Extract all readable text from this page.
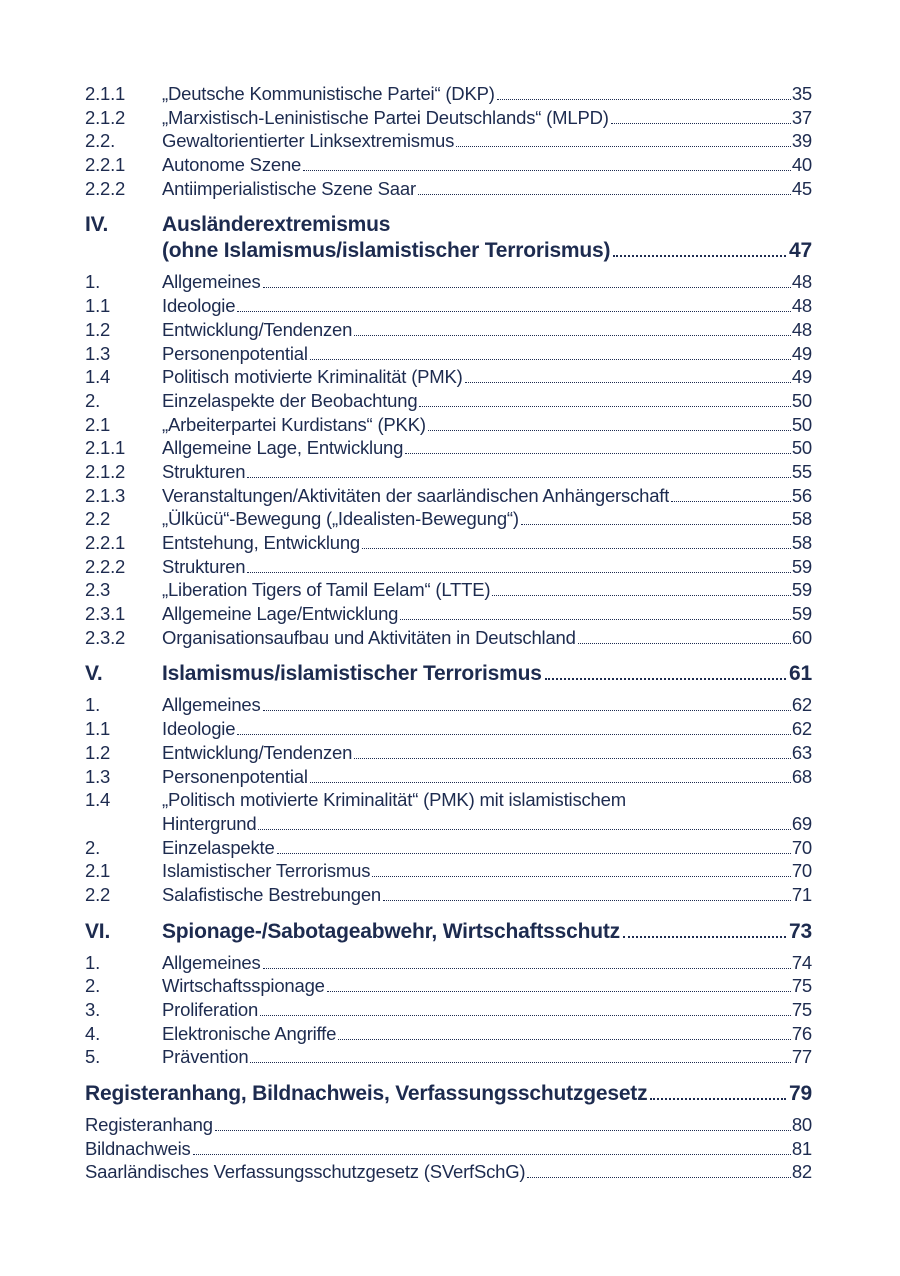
2.1.1	„Deutsche Kommunistische Partei“ (DKP)	35
2.1.2	„Marxistisch-Leninistische Partei Deutschlands“ (MLPD)	37
2.2.	Gewaltorientierter Linksextremismus	39
2.2.1	Autonome Szene	40
2.2.2	Antiimperialistische Szene Saar	45
IV.	Ausländerextremismus
(ohne Islamismus/islamistischer Terrorismus)	47
1.	Allgemeines	48
1.1	Ideologie	48
1.2	Entwicklung/Tendenzen	48
1.3	Personenpotential	49
1.4	Politisch motivierte Kriminalität (PMK)	49
2.	Einzelaspekte der Beobachtung	50
2.1	„Arbeiterpartei Kurdistans“ (PKK)	50
2.1.1	Allgemeine Lage, Entwicklung	50
2.1.2	Strukturen	55
2.1.3	Veranstaltungen/Aktivitäten der saarländischen Anhängerschaft	56
2.2	„Ülkücü“-Bewegung („Idealisten-Bewegung“)	58
2.2.1	Entstehung, Entwicklung	58
2.2.2	Strukturen	59
2.3	„Liberation Tigers of Tamil Eelam“ (LTTE)	59
2.3.1	Allgemeine Lage/Entwicklung	59
2.3.2	Organisationsaufbau und Aktivitäten in Deutschland	60
V.	Islamismus/islamistischer Terrorismus	61
1.	Allgemeines	62
1.1	Ideologie	62
1.2	Entwicklung/Tendenzen	63
1.3	Personenpotential	68
1.4	„Politisch motivierte Kriminalität“ (PMK) mit islamistischem
Hintergrund	69
2.	Einzelaspekte	70
2.1	Islamistischer Terrorismus	70
2.2	Salafistische Bestrebungen	71
VI.	Spionage-/Sabotageabwehr, Wirtschaftsschutz	73
1.	Allgemeines	74
2.	Wirtschaftsspionage	75
3.	Proliferation	75
4.	Elektronische Angriffe	76
5.	Prävention	77
Registeranhang, Bildnachweis, Verfassungsschutzgesetz	79
Registeranhang	80
Bildnachweis	81
Saarländisches Verfassungsschutzgesetz (SVerfSchG)	82
